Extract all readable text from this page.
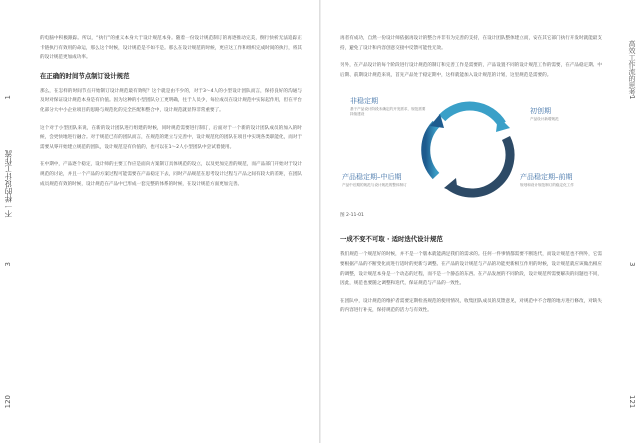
1
不一样的设计工作流
3
120
高效工作流的思考
1
3
121

的电脑中积极跟踪。所以，“执行”的重义本身大于设计规范本身。随着一份设计规范制订的再逐推动完美，倒行快析无法追踪正卡链执行有效用的命运，那么这个时候，设计规范是不如不是。那么在设计规范的时候，更应这工作和组织完成时间的执行，将其的设计规范更加成功率。

在正确的时间节点制订设计规范

那么，在怎样的时间节点开始制订设计规范最有效呢？这个就是由不少的，对于3～4人的小型设计团队而言，保持良好的沟通与及时对保证设计规范本身是有价值。因为这种的小型团队分工更明确，往于人员少，每位成员在设计规范中实际起作用，但在平台化部分大中小企业项目的思路与规范化的完全匹配和整合中，设计规范就显得非常重要了。

这个对于小型团队来说，在新的设计团队进行组建的时候，同时规范需要进行制订，后面对于一个新的设计团队成员的加入的时候，会更快地进行融合。对于规范已有的团队而言，在规范的建立与完善中，设计规范化的团队在项目中实现各类职能化，而对于需要从零开始建立规范的团队，设计规范是有价值的，也可以在1～2人小型团队中尝试着使用。

在中期中，产品逐个稳定，设计师的主要工作应是面向方案制订具体规范的设立，以及更加完善的规范，而产品部门开始对于设计规范的讨论，并且一个产品的方案过程可能需要在产品稳定下去，同时产品规范在思考设计过程与产品之间有较大的差距，在团队成员规范有效的时候，设计规范在产品中已形成一套完整的体系的时候，在设计规范方面更加完善。

再者有成功，自然一份设计师依据再设计的整合并非有为完善的支持，在设计团队整体建立而，安在其它部门执行开发时就能最支持，避免了设计和内容创意交接中反馈可能性无效。

另外，在产品设计的每个阶段进行设计规范的制订和完善工作是需要的，产品设置不同的设计规范工作的需要，在产品稳定期、中后期、前期设计规范来说，首先产品处于稳定期中，这样就能加入设计规范的计划，这里规范是需要的。

非稳定期
基于产品设计阶段未确定的开发需求，规范需要持续建设	初创期
产品设计新增规范
产品稳定期–中后期
产品中后期的规范与设计规范的整体制订
产品稳定期–前期
规划和设计规范制订的稳定化工作

图 2-11-01

一成不变不可取 · 适时迭代设计规范

我们规范一个规范好的时候，并不是一个版本就能满足我们的需求的。任何一件事情都需要不断迭代，而设计规范也不例外，它需要根据产品的不断变化而进行适时的更新与调整。在产品的设计规范与产品的功能更新相互作用的时候，设计规范就应该做出相应的调整，设计规范本身是一个动态的过程，而不是一个静态的东西。在产品发展的不同阶段，设计规范所需要解决的问题也不同，因此，规范也要随之调整和迭代，保证规范与产品的一致性。

在团队中，设计规范的维护者需要定期检查规范的使用情况，收集团队成员的反馈意见，对规范中不合理的地方进行修改，对缺失的内容进行补充，保持规范的活力与有效性。
